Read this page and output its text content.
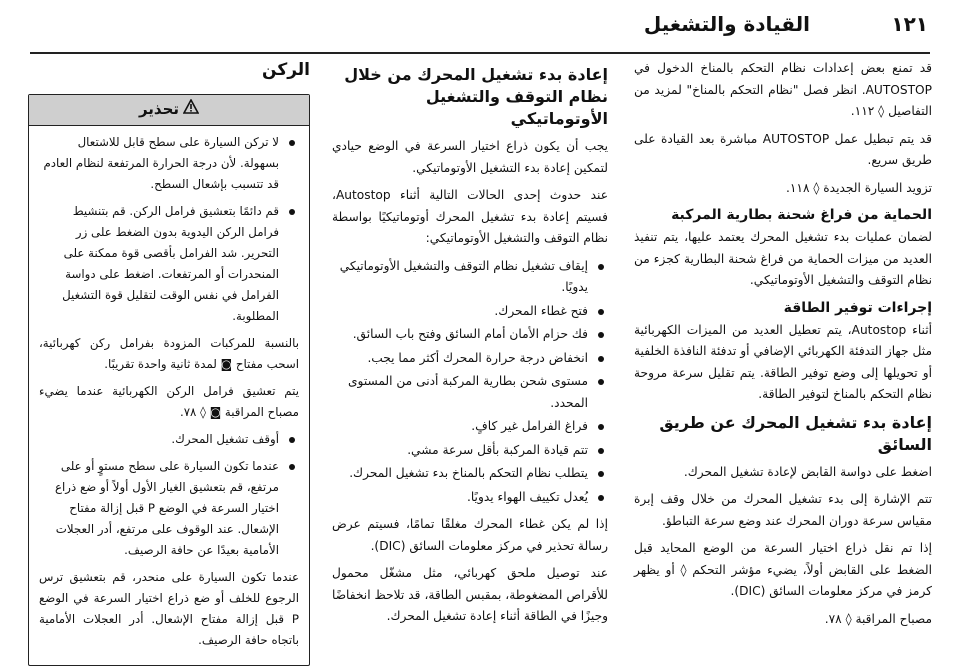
١٢١
القيادة والتشغيل

قد تمنع بعض إعدادات نظام التحكم بالمناخ الدخول في AUTOSTOP. انظر فصل "نظام التحكم بالمناخ" لمزيد من التفاصيل ◊ ١١٢.

قد يتم تبطيل عمل AUTOSTOP مباشرة بعد القيادة على طريق سريع.

تزويد السيارة الجديدة ◊ ١١٨.

الحماية من فراغ شحنة بطارية المركبة

لضمان عمليات بدء تشغيل المحرك يعتمد عليها، يتم تنفيذ العديد من ميزات الحماية من فراغ شحنة البطارية كجزء من نظام التوقف والتشغيل الأوتوماتيكي.

إجراءات توفير الطاقة

أثناء Autostop، يتم تعطيل العديد من الميزات الكهربائية مثل جهاز التدفئة الكهربائي الإضافي أو تدفئة النافذة الخلفية أو تحويلها إلى وضع توفير الطاقة. يتم تقليل سرعة مروحة نظام التحكم بالمناخ لتوفير الطاقة.

إعادة بدء تشغيل المحرك عن طريق السائق

اضغط على دواسة القابض لإعادة تشغيل المحرك.

تتم الإشارة إلى بدء تشغيل المحرك من خلال وقف إبرة مقياس سرعة دوران المحرك عند وضع سرعة التباطؤ.

إذا تم نقل ذراع اختيار السرعة من الوضع المحايد قبل الضغط على القابض أولاً، يضيء مؤشر التحكم ◊ أو يظهر كرمز في مركز معلومات السائق (DIC).

مصباح المراقبة ◊ ٧٨.

إعادة بدء تشغيل المحرك من خلال نظام التوقف والتشغيل الأوتوماتيكي

يجب أن يكون ذراع اختيار السرعة في الوضع حيادي لتمكين إعادة بدء التشغيل الأوتوماتيكي.

عند حدوث إحدى الحالات التالية أثناء Autostop، فسيتم إعادة بدء تشغيل المحرك أوتوماتيكيًا بواسطة نظام التوقف والتشغيل الأوتوماتيكي:

إيقاف تشغيل نظام التوقف والتشغيل الأوتوماتيكي يدويًا.
فتح غطاء المحرك.
فك حزام الأمان أمام السائق وفتح باب السائق.
انخفاض درجة حرارة المحرك أكثر مما يجب.
مستوى شحن بطارية المركبة أدنى من المستوى المحدد.
فراغ الفرامل غير كافٍ.
تتم قيادة المركبة بأقل سرعة مشي.
يتطلب نظام التحكم بالمناخ بدء تشغيل المحرك.
يُعدل تكييف الهواء يدويًا.

إذا لم يكن غطاء المحرك مغلقًا تمامًا، فسيتم عرض رسالة تحذير في مركز معلومات السائق (DIC).

عند توصيل ملحق كهربائي، مثل مشغّل محمول للأقراص المضغوطة، بمقبس الطاقة، قد تلاحظ انخفاضًا وجيزًا في الطاقة أثناء إعادة تشغيل المحرك.

الركن
تحذير
لا تركن السيارة على سطح قابل للاشتعال بسهولة. لأن درجة الحرارة المرتفعة لنظام العادم قد تتسبب بإشعال السطح.
قم دائمًا بتعشيق فرامل الركن. قم بتنشيط فرامل الركن اليدوية بدون الضغط على زر التحرير. شد الفرامل بأقصى قوة ممكنة على المنحدرات أو المرتفعات. اضغط على دواسة الفرامل في نفس الوقت لتقليل قوة التشغيل المطلوبة.

بالنسبة للمركبات المزودة بفرامل ركن كهربائية، اسحب مفتاح ◙ لمدة ثانية واحدة تقريبًا.

يتم تعشيق فرامل الركن الكهربائية عندما يضيء مصباح المراقبة ◙ ◊ ٧٨.

أوقف تشغيل المحرك.
عندما تكون السيارة على سطح مستوٍ أو على مرتفع، قم بتعشيق الغيار الأول أولاً أو ضع ذراع اختيار السرعة في الوضع P قبل إزالة مفتاح الإشعال. عند الوقوف على مرتفع، أدر العجلات الأمامية بعيدًا عن حافة الرصيف.

عندما تكون السيارة على منحدر، قم بتعشيق ترس الرجوع للخلف أو ضع ذراع اختيار السرعة في الوضع P قبل إزالة مفتاح الإشعال. أدر العجلات الأمامية باتجاه حافة الرصيف.
